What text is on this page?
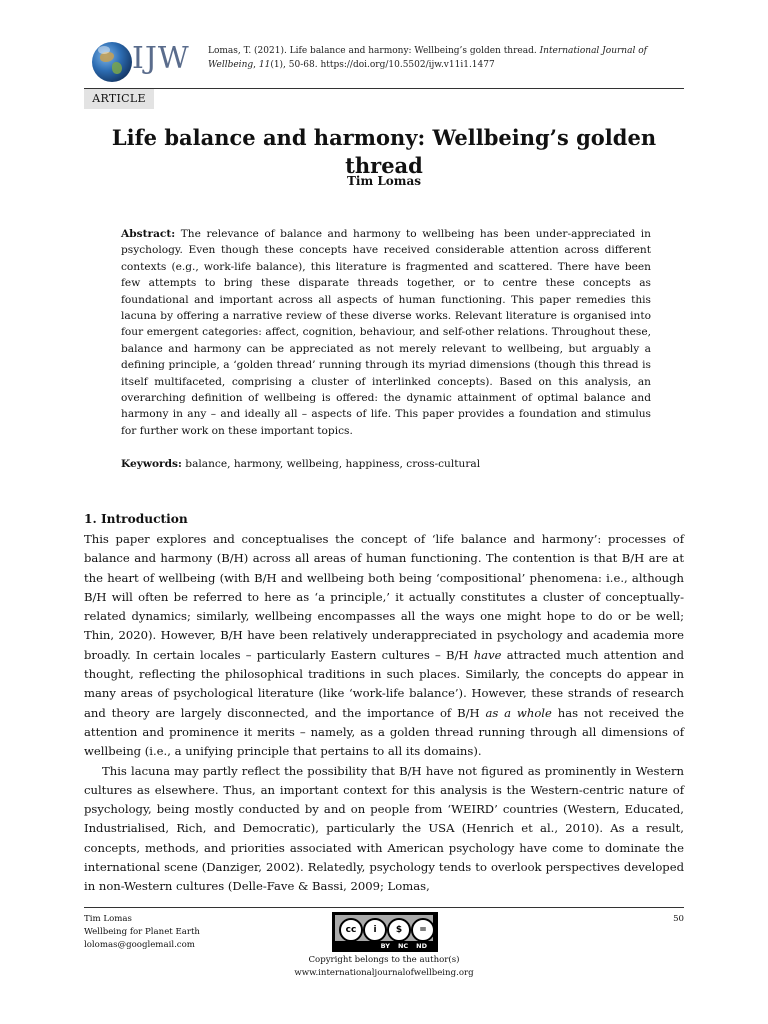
IJW Lomas, T. (2021). Life balance and harmony: Wellbeing’s golden thread. International Journal of Wellbeing, 11(1), 50-68. https://doi.org/10.5502/ijw.v11i1.1477
ARTICLE
Life balance and harmony: Wellbeing’s golden thread
Tim Lomas
Abstract: The relevance of balance and harmony to wellbeing has been under-appreciated in psychology. Even though these concepts have received considerable attention across different contexts (e.g., work-life balance), this literature is fragmented and scattered. There have been few attempts to bring these disparate threads together, or to centre these concepts as foundational and important across all aspects of human functioning. This paper remedies this lacuna by offering a narrative review of these diverse works. Relevant literature is organised into four emergent categories: affect, cognition, behaviour, and self-other relations. Throughout these, balance and harmony can be appreciated as not merely relevant to wellbeing, but arguably a defining principle, a ‘golden thread’ running through its myriad dimensions (though this thread is itself multifaceted, comprising a cluster of interlinked concepts). Based on this analysis, an overarching definition of wellbeing is offered: the dynamic attainment of optimal balance and harmony in any – and ideally all – aspects of life. This paper provides a foundation and stimulus for further work on these important topics.
Keywords: balance, harmony, wellbeing, happiness, cross-cultural
1. Introduction

This paper explores and conceptualises the concept of ‘life balance and harmony’: processes of balance and harmony (B/H) across all areas of human functioning. The contention is that B/H are at the heart of wellbeing (with B/H and wellbeing both being ‘compositional’ phenomena: i.e., although B/H will often be referred to here as ‘a principle,’ it actually constitutes a cluster of conceptually-related dynamics; similarly, wellbeing encompasses all the ways one might hope to do or be well; Thin, 2020). However, B/H have been relatively underappreciated in psychology and academia more broadly. In certain locales – particularly Eastern cultures – B/H have attracted much attention and thought, reflecting the philosophical traditions in such places. Similarly, the concepts do appear in many areas of psychological literature (like ‘work-life balance’). However, these strands of research and theory are largely disconnected, and the importance of B/H as a whole has not received the attention and prominence it merits – namely, as a golden thread running through all dimensions of wellbeing (i.e., a unifying principle that pertains to all its domains).

This lacuna may partly reflect the possibility that B/H have not figured as prominently in Western cultures as elsewhere. Thus, an important context for this analysis is the Western-centric nature of psychology, being mostly conducted by and on people from ‘WEIRD’ countries (Western, Educated, Industrialised, Rich, and Democratic), particularly the USA (Henrich et al., 2010). As a result, concepts, methods, and priorities associated with American psychology have come to dominate the international scene (Danziger, 2002). Relatedly, psychology tends to overlook perspectives developed in non-Western cultures (Delle-Fave & Bassi, 2009; Lomas,

Tim Lomas
Wellbeing for Planet Earth
lolomas@googlemail.com
50
cc	i	$	=
BY NC ND
Copyright belongs to the author(s)
www.internationaljournalofwellbeing.org
